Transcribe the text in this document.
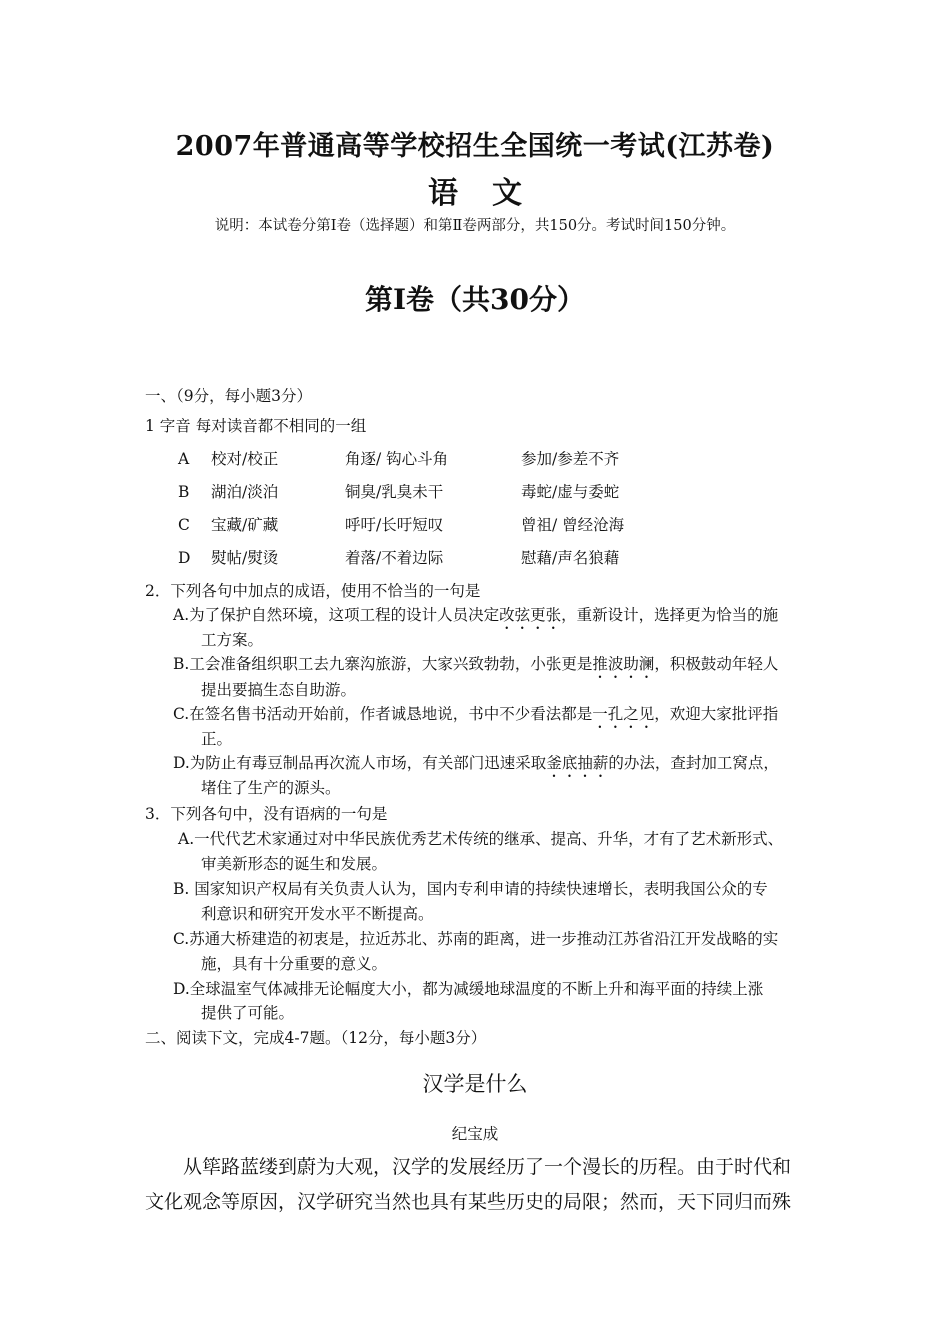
2007年普通高等学校招生全国统一考试(江苏卷)
语文
说明：本试卷分第Ⅰ卷（选择题）和第Ⅱ卷两部分，共150分。考试时间150分钟。
第Ⅰ卷（共30分）
一、（9分，每小题3分）
1 字音 每对读音都不相同的一组
A 校对/校正	角逐/ 钩心斗角	参加/参差不齐
B 湖泊/淡泊	铜臭/乳臭未干	毒蛇/虚与委蛇
C 宝藏/矿藏	呼吁/长吁短叹	曾祖/ 曾经沧海
D 熨帖/熨烫	着落/不着边际	慰藉/声名狼藉
2．下列各句中加点的成语，使用不恰当的一句是
A.为了保护自然环境，这项工程的设计人员决定改弦更张，重新设计，选择更为恰当的施
工方案。
B.工会准备组织职工去九寨沟旅游，大家兴致勃勃，小张更是推波助澜，积极鼓动年轻人
提出要搞生态自助游。
C.在签名售书活动开始前，作者诚恳地说，书中不少看法都是一孔之见，欢迎大家批评指
正。
D.为防止有毒豆制品再次流人市场，有关部门迅速采取釜底抽薪的办法，查封加工窝点，
堵住了生产的源头。
3．下列各句中，没有语病的一句是
A.一代代艺术家通过对中华民族优秀艺术传统的继承、提高、升华，才有了艺术新形式、
审美新形态的诞生和发展。
B. 国家知识产权局有关负责人认为，国内专利申请的持续快速增长，表明我国公众的专
利意识和研究开发水平不断提高。
C.苏通大桥建造的初衷是，拉近苏北、苏南的距离，进一步推动江苏省沿江开发战略的实
施，具有十分重要的意义。
D.全球温室气体减排无论幅度大小，都为减缓地球温度的不断上升和海平面的持续上涨
提供了可能。
二、阅读下文，完成4-7题。（12分，每小题3分）
汉学是什么
纪宝成
从筚路蓝缕到蔚为大观，汉学的发展经历了一个漫长的历程。由于时代和
文化观念等原因，汉学研究当然也具有某些历史的局限；然而，天下同归而殊
